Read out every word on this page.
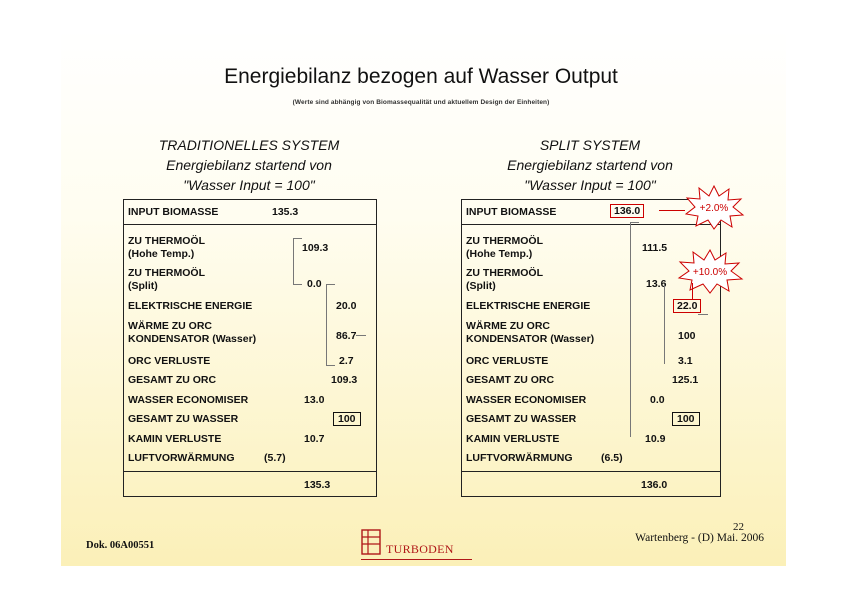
Energiebilanz bezogen auf Wasser Output
(Werte sind abhängig von Biomassequalität und aktuellem Design der Einheiten)
TRADITIONELLES SYSTEM
Energiebilanz startend von
"Wasser Input = 100"
SPLIT SYSTEM
Energiebilanz startend von
"Wasser Input = 100"
INPUT BIOMASSE	135.3
ZU THERMOÖL
(Hohe Temp.)	109.3
ZU THERMOÖL
(Split)	0.0
ELEKTRISCHE ENERGIE	20.0
WÄRME ZU ORC
KONDENSATOR (Wasser)	86.7
ORC VERLUSTE	2.7
GESAMT ZU ORC	109.3
WASSER ECONOMISER	13.0
GESAMT ZU WASSER	100
KAMIN VERLUSTE	10.7
LUFTVORWÄRMUNG	(5.7)
135.3
INPUT BIOMASSE	136.0
ZU THERMOÖL
(Hohe Temp.)	111.5
ZU THERMOÖL
(Split)	13.6
ELEKTRISCHE ENERGIE	22.0
WÄRME ZU ORC
KONDENSATOR (Wasser)	100
ORC VERLUSTE	3.1
GESAMT ZU ORC	125.1
WASSER ECONOMISER	0.0
GESAMT ZU WASSER	100
KAMIN VERLUSTE	10.9
LUFTVORWÄRMUNG	(6.5)
136.0
+2.0%
+10.0%
Dok. 06A00551	TURBODEN
22
Wartenberg - (D) Mai. 2006
